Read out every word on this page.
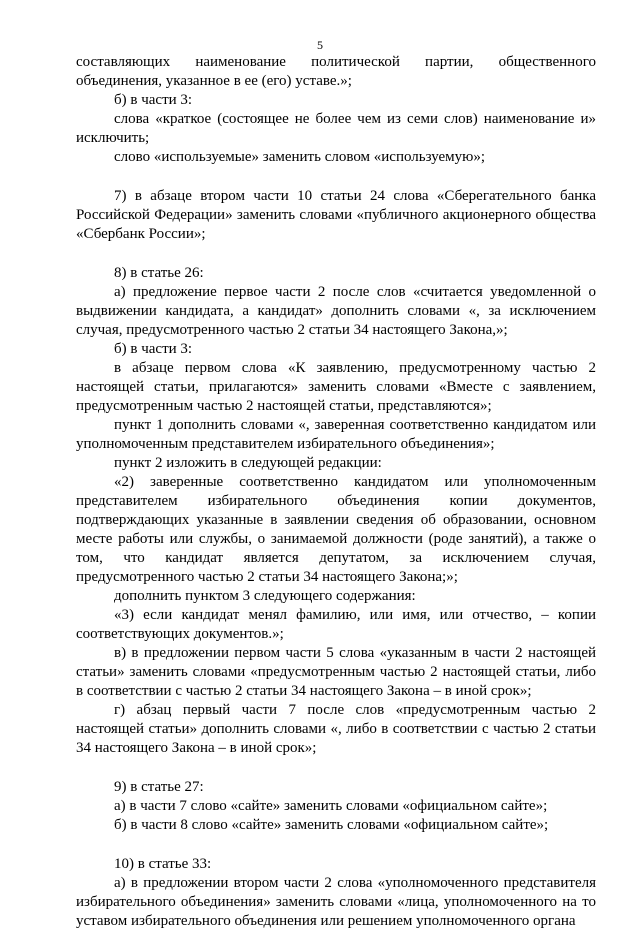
5

составляющих наименование политической партии, общественного объединения, указанное в ее (его) уставе.»;

б) в части 3:

слова «краткое (состоящее не более чем из семи слов) наименование и» исключить;

слово «используемые» заменить словом «используемую»;

7) в абзаце втором части 10 статьи 24 слова «Сберегательного банка Российской Федерации» заменить словами «публичного акционерного общества «Сбербанк России»;

8) в статье 26:

а) предложение первое части 2 после слов «считается уведомленной о выдвижении кандидата, а кандидат» дополнить словами «, за исключением случая, предусмотренного частью 2 статьи 34 настоящего Закона,»;

б) в части 3:

в абзаце первом слова «К заявлению, предусмотренному частью 2 настоящей статьи, прилагаются» заменить словами «Вместе с заявлением, предусмотренным частью 2 настоящей статьи, представляются»;

пункт 1 дополнить словами «, заверенная соответственно кандидатом или уполномоченным представителем избирательного объединения»;

пункт 2 изложить в следующей редакции:

«2) заверенные соответственно кандидатом или уполномоченным представителем избирательного объединения копии документов, подтверждающих указанные в заявлении сведения об образовании, основном месте работы или службы, о занимаемой должности (роде занятий), а также о том, что кандидат является депутатом, за исключением случая, предусмотренного частью 2 статьи 34 настоящего Закона;»;

дополнить пунктом 3 следующего содержания:

«3) если кандидат менял фамилию, или имя, или отчество, – копии соответствующих документов.»;

в) в предложении первом части 5 слова «указанным в части 2 настоящей статьи» заменить словами «предусмотренным частью 2 настоящей статьи, либо в соответствии с частью 2 статьи 34 настоящего Закона – в иной срок»;

г) абзац первый части 7 после слов «предусмотренным частью 2 настоящей статьи» дополнить словами «, либо в соответствии с частью 2 статьи 34 настоящего Закона – в иной срок»;

9) в статье 27:

а) в части 7 слово «сайте» заменить словами «официальном сайте»;

б) в части 8 слово «сайте» заменить словами «официальном сайте»;

10) в статье 33:

а) в предложении втором части 2 слова «уполномоченного представителя избирательного объединения» заменить словами «лица, уполномоченного на то уставом избирательного объединения или решением уполномоченного органа
